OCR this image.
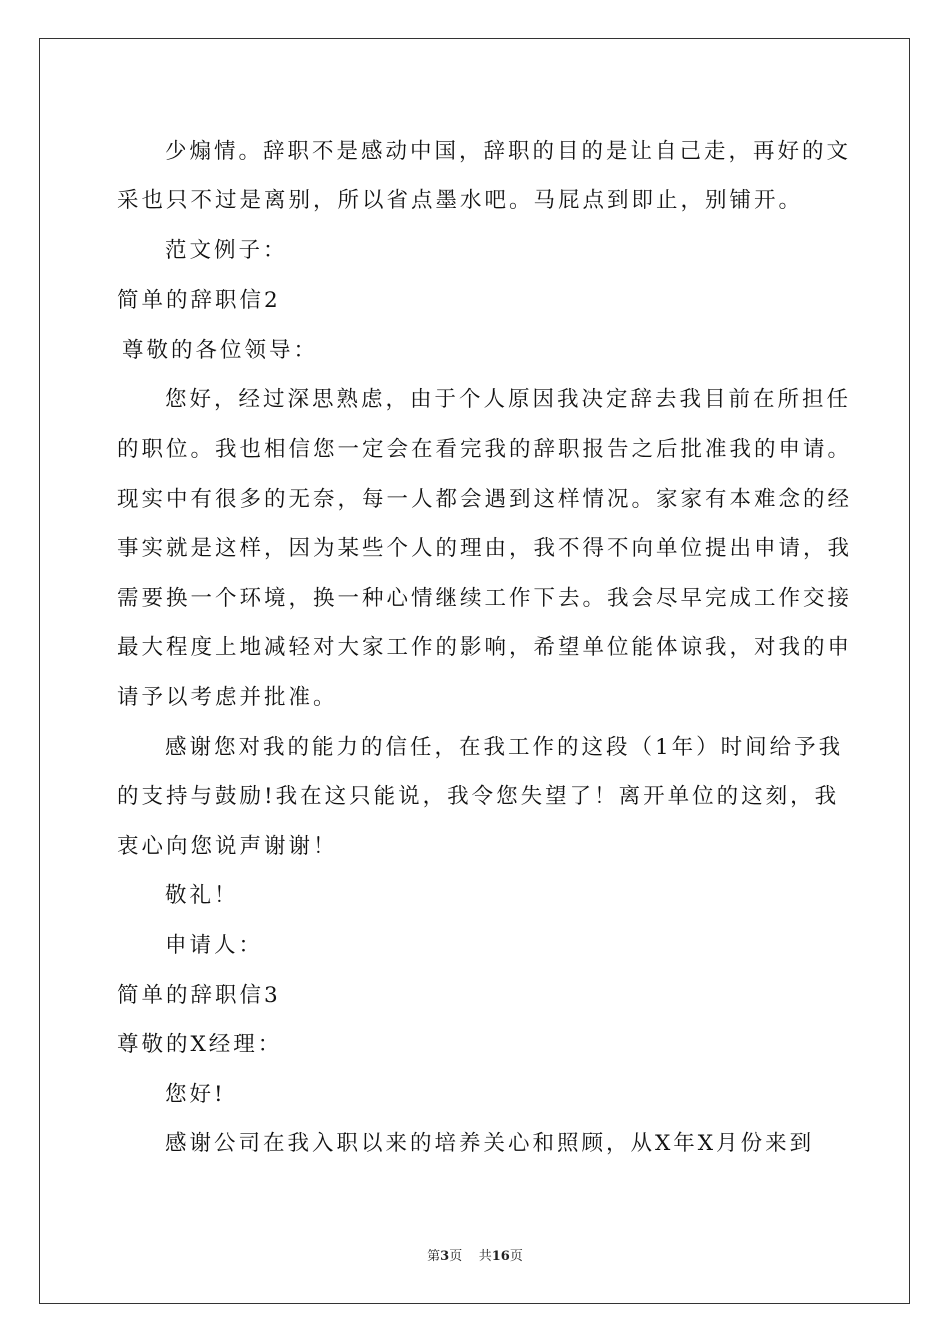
少煽情。辞职不是感动中国，辞职的目的是让自己走，再好的文
采也只不过是离别，所以省点墨水吧。马屁点到即止，别铺开。
范文例子：
简单的辞职信2
尊敬的各位领导：
您好，经过深思熟虑，由于个人原因我决定辞去我目前在所担任
的职位。我也相信您一定会在看完我的辞职报告之后批准我的申请。
现实中有很多的无奈，每一人都会遇到这样情况。家家有本难念的经
事实就是这样，因为某些个人的理由，我不得不向单位提出申请，我
需要换一个环境，换一种心情继续工作下去。我会尽早完成工作交接
最大程度上地减轻对大家工作的影响，希望单位能体谅我，对我的申
请予以考虑并批准。
感谢您对我的能力的信任，在我工作的这段（1年）时间给予我
的支持与鼓励!我在这只能说，我令您失望了！离开单位的这刻，我
衷心向您说声谢谢！
敬礼！
申请人：
简单的辞职信3
尊敬的X经理：
您好!
感谢公司在我入职以来的培养关心和照顾，从X年X月份来到
第3页 共16页
